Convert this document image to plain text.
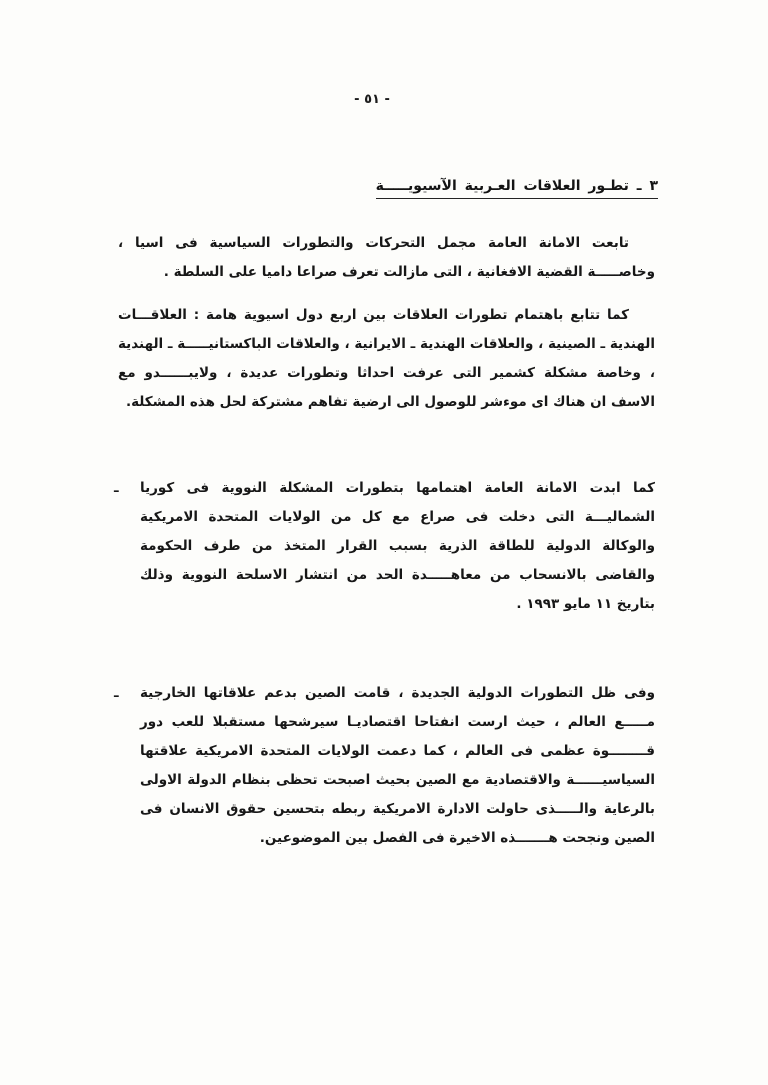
- ٥١ -
٣ ـ تطـور العلاقات العـربية الآسيويـــــة

تابعت الامانة العامة مجمل التحركات والتطورات السياسية فى اسيا ، وخاصـــــة القضية الافغانية ، التى مازالت تعرف صراعا داميا على السلطة .

كما تتابع باهتمام تطورات العلاقات بين اربع دول اسيوية هامة : العلاقـــات الهندية ـ الصينية ، والعلاقات الهندية ـ الايرانية ، والعلاقات الباكستانيـــــة ـ الهندية ، وخاصة مشكلة كشمير التى عرفت احداثا وتطورات عديدة ، ولايبــــــدو مع الاسف ان هناك اى موءشر للوصول الى ارضية تفاهم مشتركة لحل هذه المشكلة.

ـ كما ابدت الامانة العامة اهتمامها بتطورات المشكلة النووية فى كوريا الشماليـــة التى دخلت فى صراع مع كل من الولايات المتحدة الامريكية والوكالة الدولية للطاقة الذرية بسبب القرار المتخذ من طرف الحكومة والقاضى بالانسحاب من معاهـــــدة الحد من انتشار الاسلحة النووية وذلك بتاريخ ١١ مايو ١٩٩٣ .

ـ وفى ظل التطورات الدولية الجديدة ، قامت الصين بدعم علاقاتها الخارجية مـــــع العالم ، حيث ارست انفتاحا اقتصاديـا سيرشحها مستقبلا للعب دور قــــــــوة عظمى فى العالم ، كما دعمت الولايات المتحدة الامريكية علاقتها السياسيــــــة والاقتصادية مع الصين بحيث اصبحت تحظى بنظام الدولة الاولى بالرعاية والـــــذى حاولت الادارة الامريكية ربطه بتحسين حقوق الانسان فى الصين ونجحت هـــــــذه الاخيرة فى الفصل بين الموضوعين.
